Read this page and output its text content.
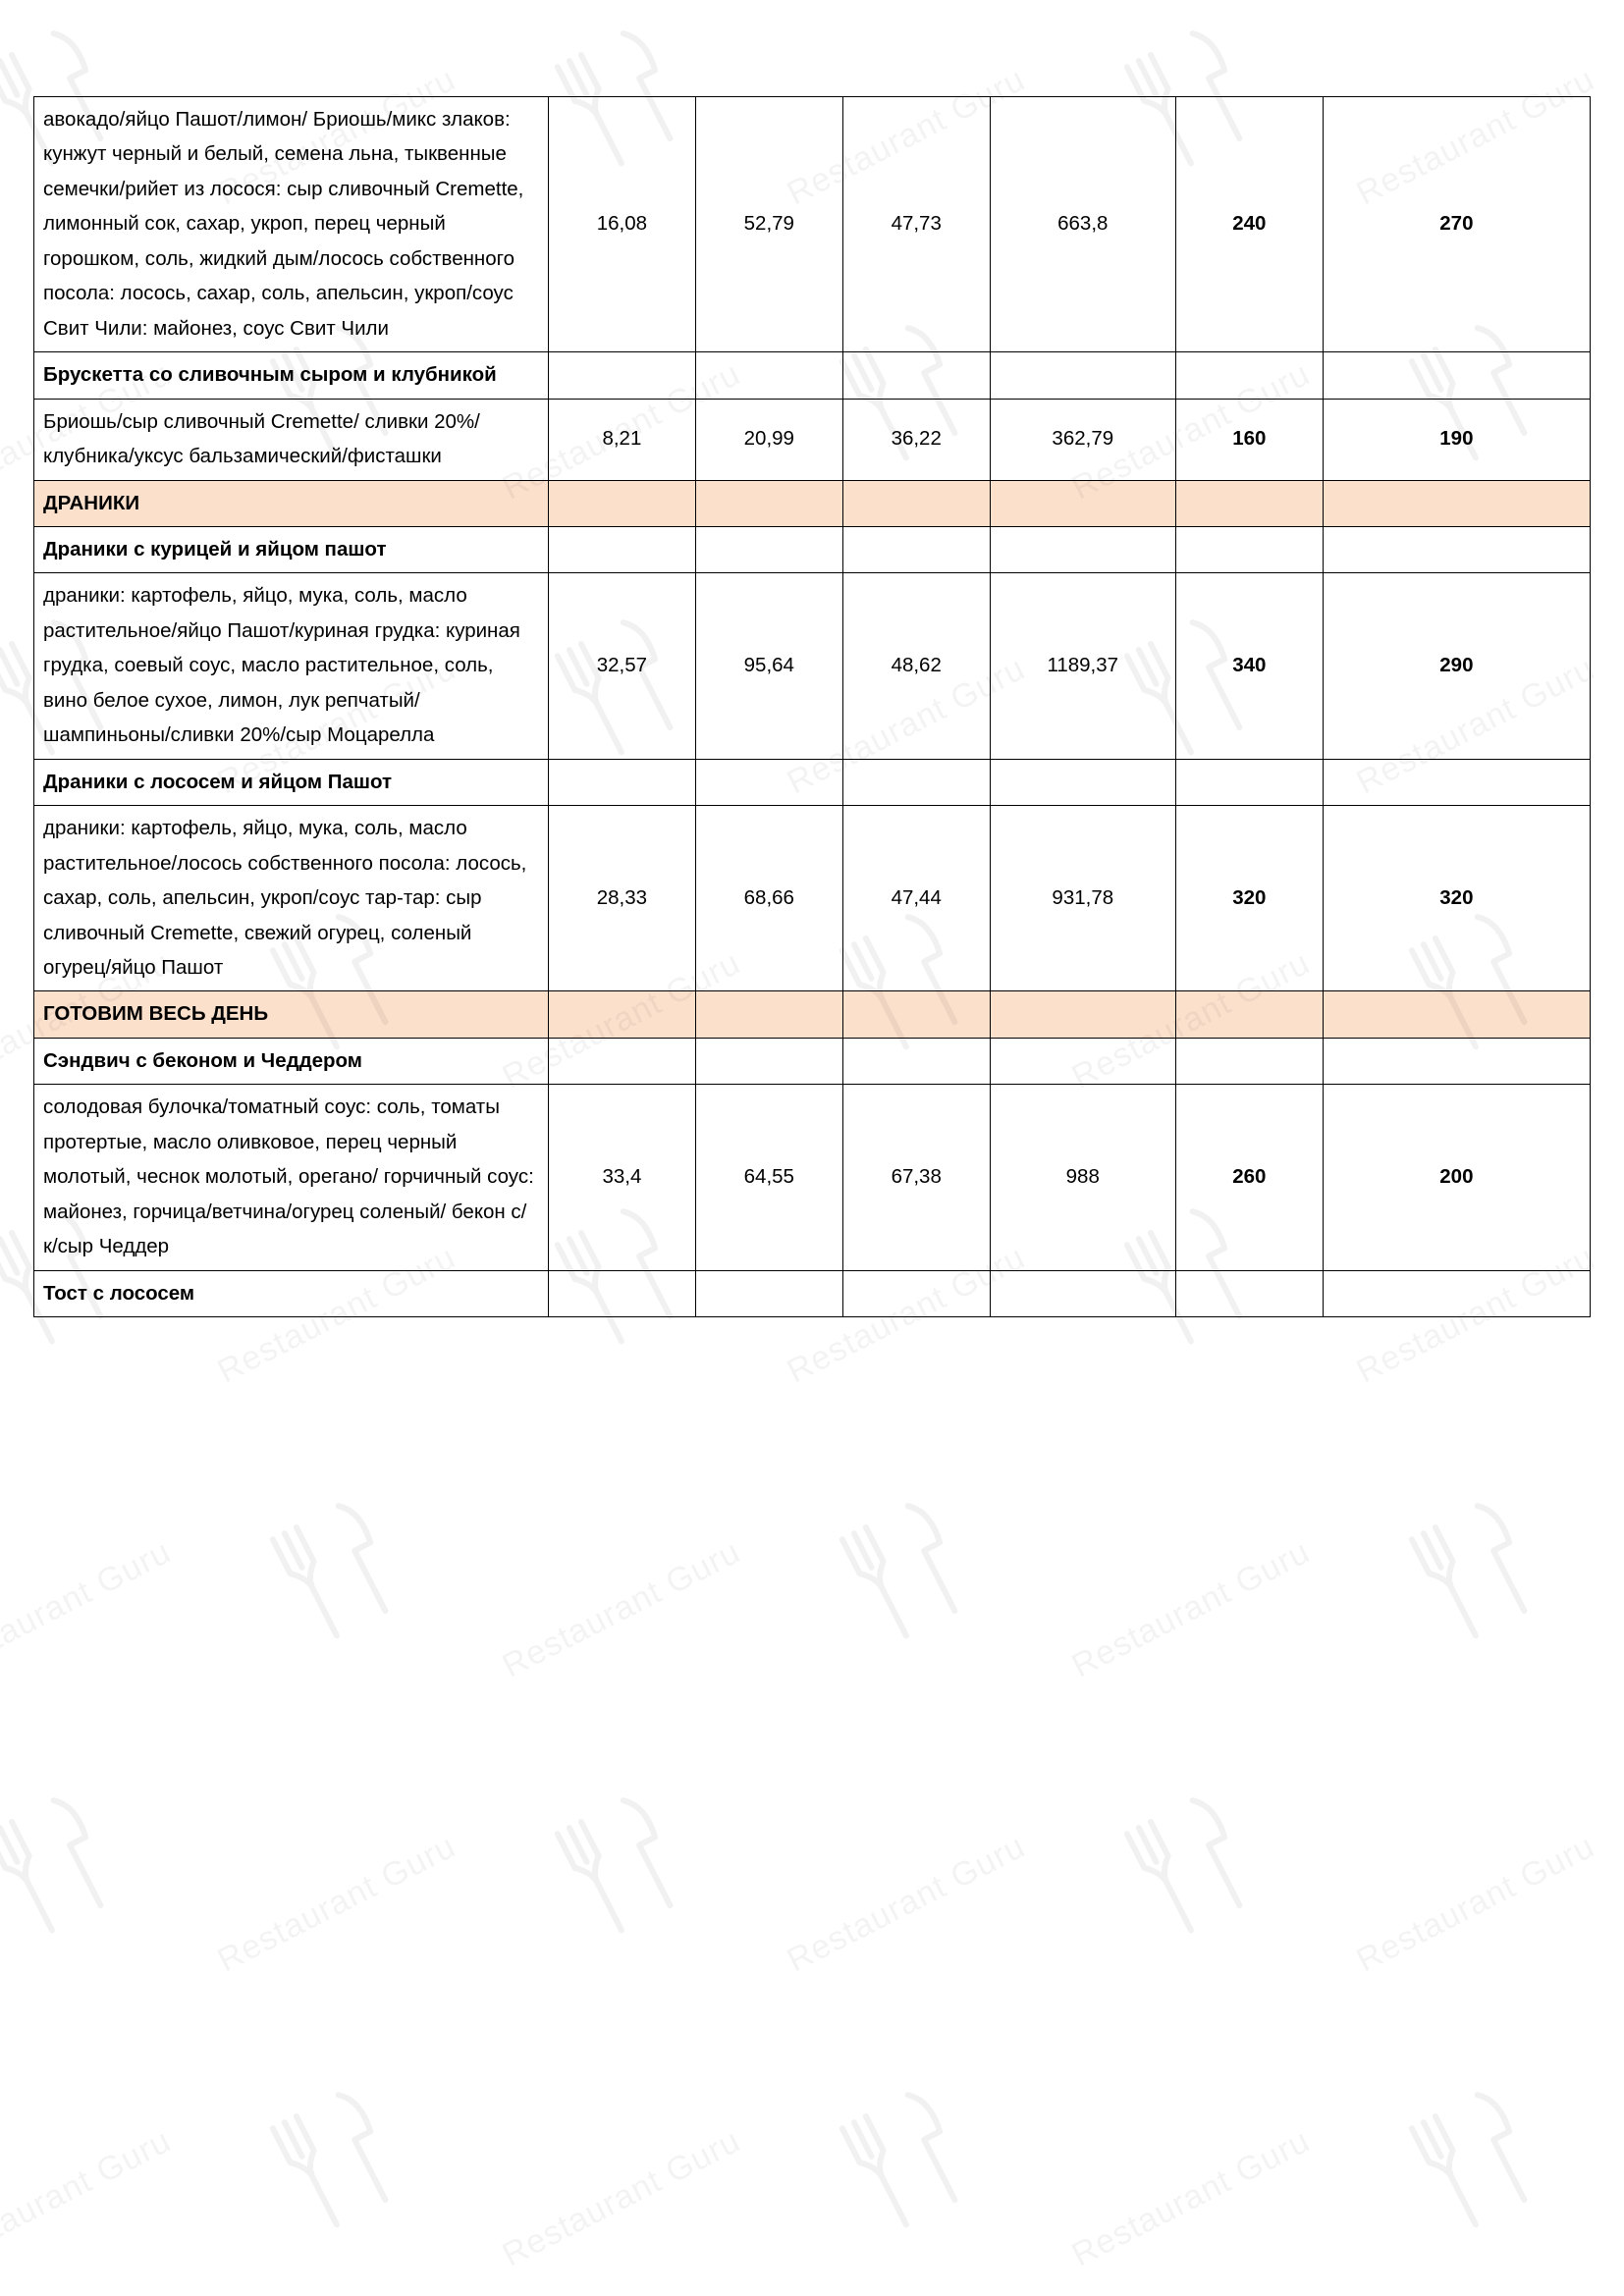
авокадо/яйцо Пашот/лимон/ Бриошь/микс злаков: кунжут черный и белый, семена льна, тыквенные семечки/рийет из лосося: сыр сливочный Cremette, лимонный сок, сахар, укроп, перец черный горошком, соль, жидкий дым/лосось собственного посола: лосось, сахар, соль, апельсин, укроп/соус Свит Чили: майонез, соус Свит Чили	16,08	52,79	47,73	663,8	240	270
Брускетта со сливочным сыром и клубникой						
Бриошь/сыр сливочный Cremette/ сливки 20%/клубника/уксус бальзамический/фисташки	8,21	20,99	36,22	362,79	160	190
ДРАНИКИ						
Драники с курицей и яйцом пашот						
драники: картофель, яйцо, мука, соль, масло растительное/яйцо Пашот/куриная грудка: куриная грудка, соевый соус, масло растительное, соль, вино белое сухое, лимон, лук репчатый/ шампиньоны/сливки 20%/сыр Моцарелла	32,57	95,64	48,62	1189,37	340	290
Драники с лососем и яйцом Пашот						
драники: картофель, яйцо, мука, соль, масло растительное/лосось собственного посола: лосось, сахар, соль, апельсин, укроп/соус тар-тар: сыр сливочный Cremette, свежий огурец, соленый огурец/яйцо Пашот	28,33	68,66	47,44	931,78	320	320
ГОТОВИМ ВЕСЬ ДЕНЬ						
Сэндвич с беконом и Чеддером						
солодовая булочка/томатный соус: соль, томаты протертые, масло оливковое, перец черный молотый, чеснок молотый, орегано/ горчичный соус: майонез, горчица/ветчина/огурец соленый/ бекон с/к/сыр Чеддер	33,4	64,55	67,38	988	260	200
Тост с лососем						
